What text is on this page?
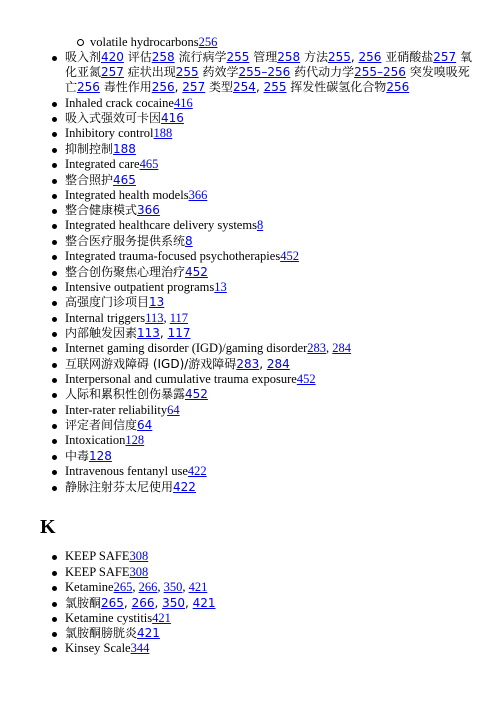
volatile hydrocarbons256
吸入剂420 评估258 流行病学255 管理258 方法255, 256 亚硝酸盐257 氧化亚氮257 症状出现255 药效学255–256 药代动力学255–256 突发嗅吸死亡256 毒性作用256, 257 类型254, 255 挥发性碳氢化合物256
Inhaled crack cocaine416
吸入式强效可卡因416
Inhibitory control188
抑制控制188
Integrated care465
整合照护465
Integrated health models366
整合健康模式366
Integrated healthcare delivery systems8
整合医疗服务提供系统8
Integrated trauma-focused psychotherapies452
整合创伤聚焦心理治疗452
Intensive outpatient programs13
高强度门诊项目13
Internal triggers113, 117
内部触发因素113, 117
Internet gaming disorder (IGD)/gaming disorder283, 284
互联网游戏障碍 (IGD)/游戏障碍283, 284
Interpersonal and cumulative trauma exposure452
人际和累积性创伤暴露452
Inter-rater reliability64
评定者间信度64
Intoxication128
中毒128
Intravenous fentanyl use422
静脉注射芬太尼使用422
K
KEEP SAFE308
KEEP SAFE308
Ketamine265, 266, 350, 421
氯胺酮265, 266, 350, 421
Ketamine cystitis421
氯胺酮膀胱炎421
Kinsey Scale344
